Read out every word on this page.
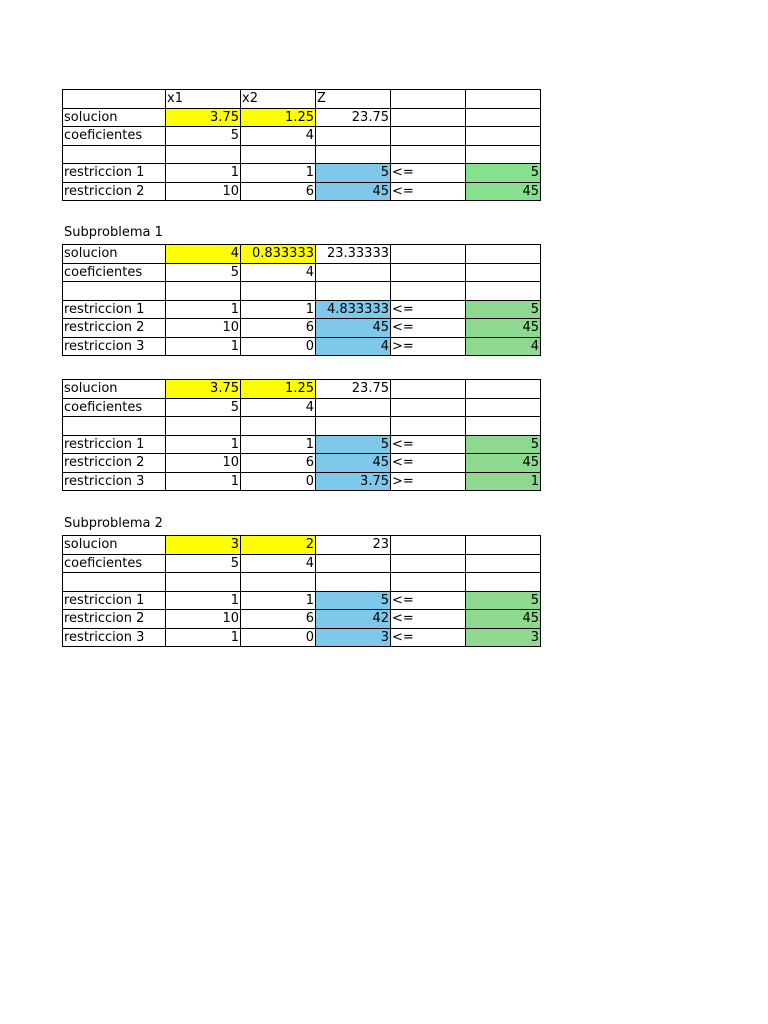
	x1	x2	Z		
solucion	3.75	1.25	23.75		
coeficientes	5	4			

restriccion 1	1	1	5	<=	5
restriccion 2	10	6	45	<=	45
Subproblema 1
solucion	4	0.833333	23.33333		
coeficientes	5	4			

restriccion 1	1	1	4.833333	<=	5
restriccion 2	10	6	45	<=	45
restriccion 3	1	0	4	>=	4
solucion	3.75	1.25	23.75		
coeficientes	5	4			

restriccion 1	1	1	5	<=	5
restriccion 2	10	6	45	<=	45
restriccion 3	1	0	3.75	>=	1
Subproblema 2
solucion	3	2	23		
coeficientes	5	4			

restriccion 1	1	1	5	<=	5
restriccion 2	10	6	42	<=	45
restriccion 3	1	0	3	<=	3
